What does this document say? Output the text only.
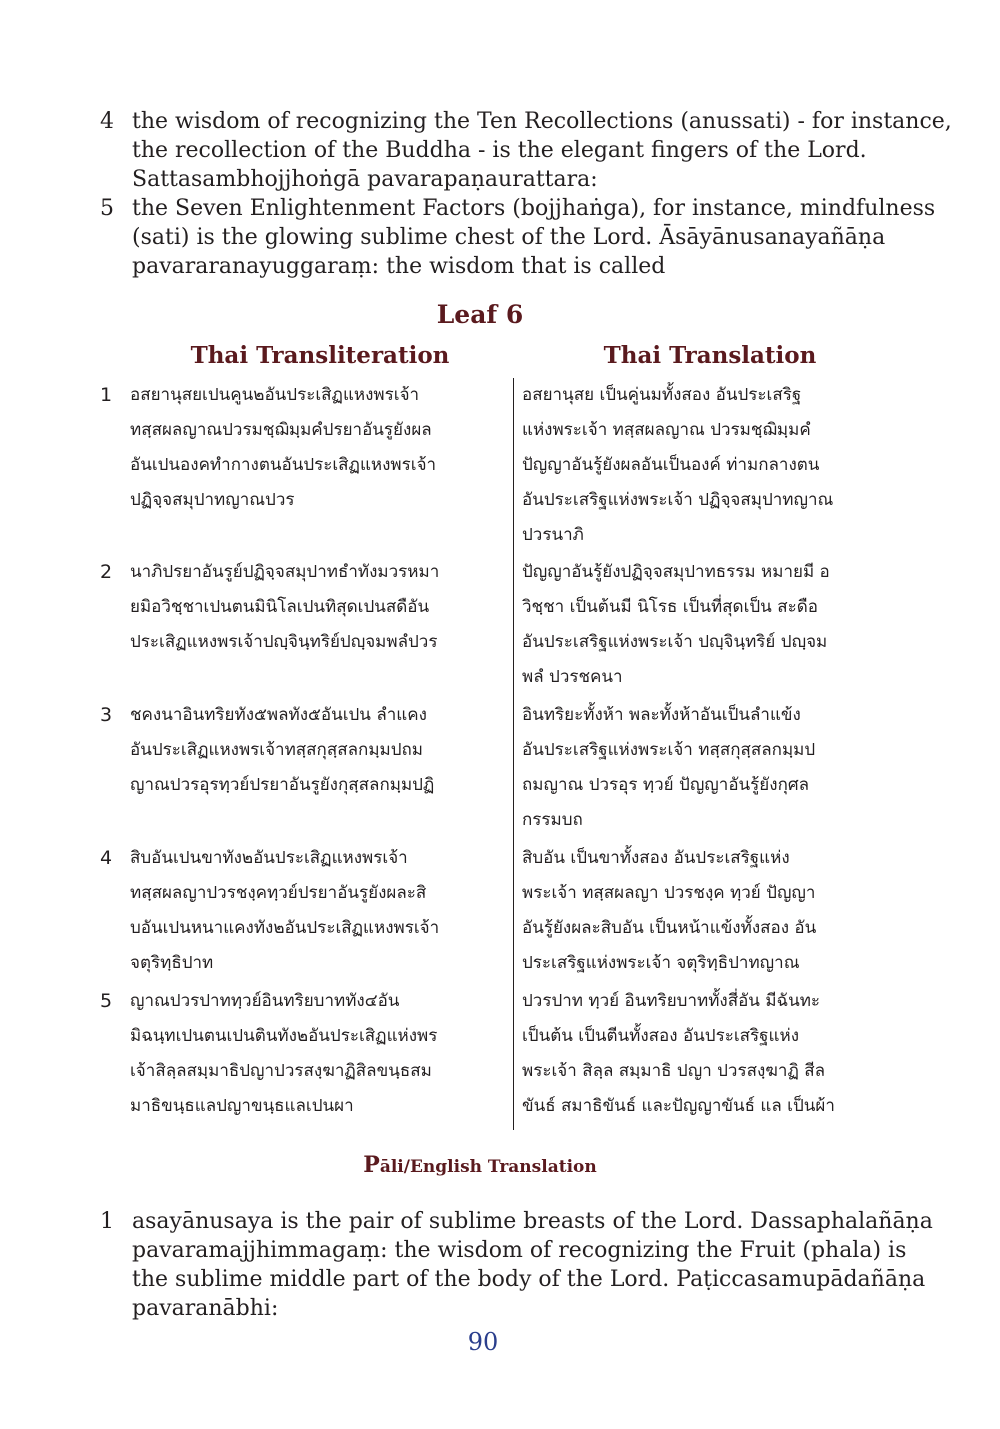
4 the wisdom of recognizing the Ten Recollections (anussati) - for instance,
the recollection of the Buddha - is the elegant fingers of the Lord.
Sattasambhojjhoṅgā pavarapaṇaurattara:
5 the Seven Enlightenment Factors (bojjhaṅga), for instance, mindfulness
(sati) is the glowing sublime chest of the Lord. Āsāyānusanayañāṇa
pavararanayuggaraṃ: the wisdom that is called
Leaf 6
Thai Transliteration	Thai Translation
1 อสยานุสยเปนคูน๒อันประเสิฏแหงพรเจ้า
ทสฺสผลญาณปวรมชฺฌิมฺมคํปรยาอันรูยังผล
อันเปนองคทำกางตนอันประเสิฏแหงพรเจ้า
ปฏิจฺจสมุปาทญาณปวร
อสยานุสย เป็นคู่นมทั้งสอง อันประเสริฐ
แห่งพระเจ้า ทสฺสผลญาณ ปวรมชฺฌิมฺมคํ
ปัญญาอันรู้ยังผลอันเป็นองค์ ท่ามกลางตน
อันประเสริฐแห่งพระเจ้า ปฏิจฺจสมุปาทญาณ
ปวรนาภิ
2 นาภิปรยาอันรูย์ปฏิจฺจสมุปาทธำทังมวรหมา
ยมิอวิชฺชาเปนตนมินิโลเปนทิสุดเปนสดือัน
ประเสิฏแหงพรเจ้าปญฺจินฺทริย์ปญฺจมพลํปวร
ปัญญาอันรู้ยังปฏิจฺจสมุปาทธรรม หมายมี อ
วิชฺชา เป็นต้นมี นิโรธ เป็นที่สุดเป็น สะดือ
อันประเสริฐแห่งพระเจ้า ปญฺจินฺทริย์ ปญฺจม
พลํ ปวรชคนา
3 ชคงนาอินทริยทัง๕พลทัง๕อันเปน ลำแคง
อันประเสิฏแหงพรเจ้าทสฺสกุสฺสลกมฺมปถม
ญาณปวรอุรทฺวย์ปรยาอันรูยังกุสฺสลกมฺมปฏิ
อินทริยะทั้งห้า พละทั้งห้าอันเป็นลำแข้ง
อันประเสริฐแห่งพระเจ้า ทสฺสกุสฺสลกมฺมป
ถมญาณ ปวรอุร ทฺวย์ ปัญญาอันรู้ยังกุศล
กรรมบถ
4 สิบอันเปนขาทัง๒อันประเสิฏแหงพรเจ้า
ทสฺสผลญาปวรชงฺคทฺวย์ปรยาอันรูยังผละสิ
บอันเปนหนาแคงทัง๒อันประเสิฏแหงพรเจ้า
จตุริทฺธิปาท
สิบอัน เป็นขาทั้งสอง อันประเสริฐแห่ง
พระเจ้า ทสฺสผลญา ปวรชงฺค ทฺวย์ ปัญญา
อันรู้ยังผละสิบอัน เป็นหน้าแข้งทั้งสอง อัน
ประเสริฐแห่งพระเจ้า จตุริทฺธิปาทญาณ
5 ญาณปวรปาททฺวย์อินทริยบาททัง๔อัน
มิฉนฺทเปนตนเปนตินทัง๒อันประเสิฏแห่งพร
เจ้าสิลฺลสมฺมาธิปญาปวรสงฺฆาฏิสิลขนฺธสม
มาธิขนฺธแลปญาขนฺธแลเปนผา
ปวรปาท ทฺวย์ อินทริยบาททั้งสี่อัน มีฉันทะ
เป็นต้น เป็นตีนทั้งสอง อันประเสริฐแห่ง
พระเจ้า สิลฺล สมฺมาธิ ปญา ปวรสงฺฆาฏิ สีล
ขันธ์ สมาธิขันธ์ และปัญญาขันธ์ แล เป็นผ้า
Pāli/English Translation
1 asayānusaya is the pair of sublime breasts of the Lord. Dassaphalañāṇa
pavaramajjhimmagaṃ: the wisdom of recognizing the Fruit (phala) is
the sublime middle part of the body of the Lord. Paṭiccasamupādañāṇa
pavaranābhi:
90
